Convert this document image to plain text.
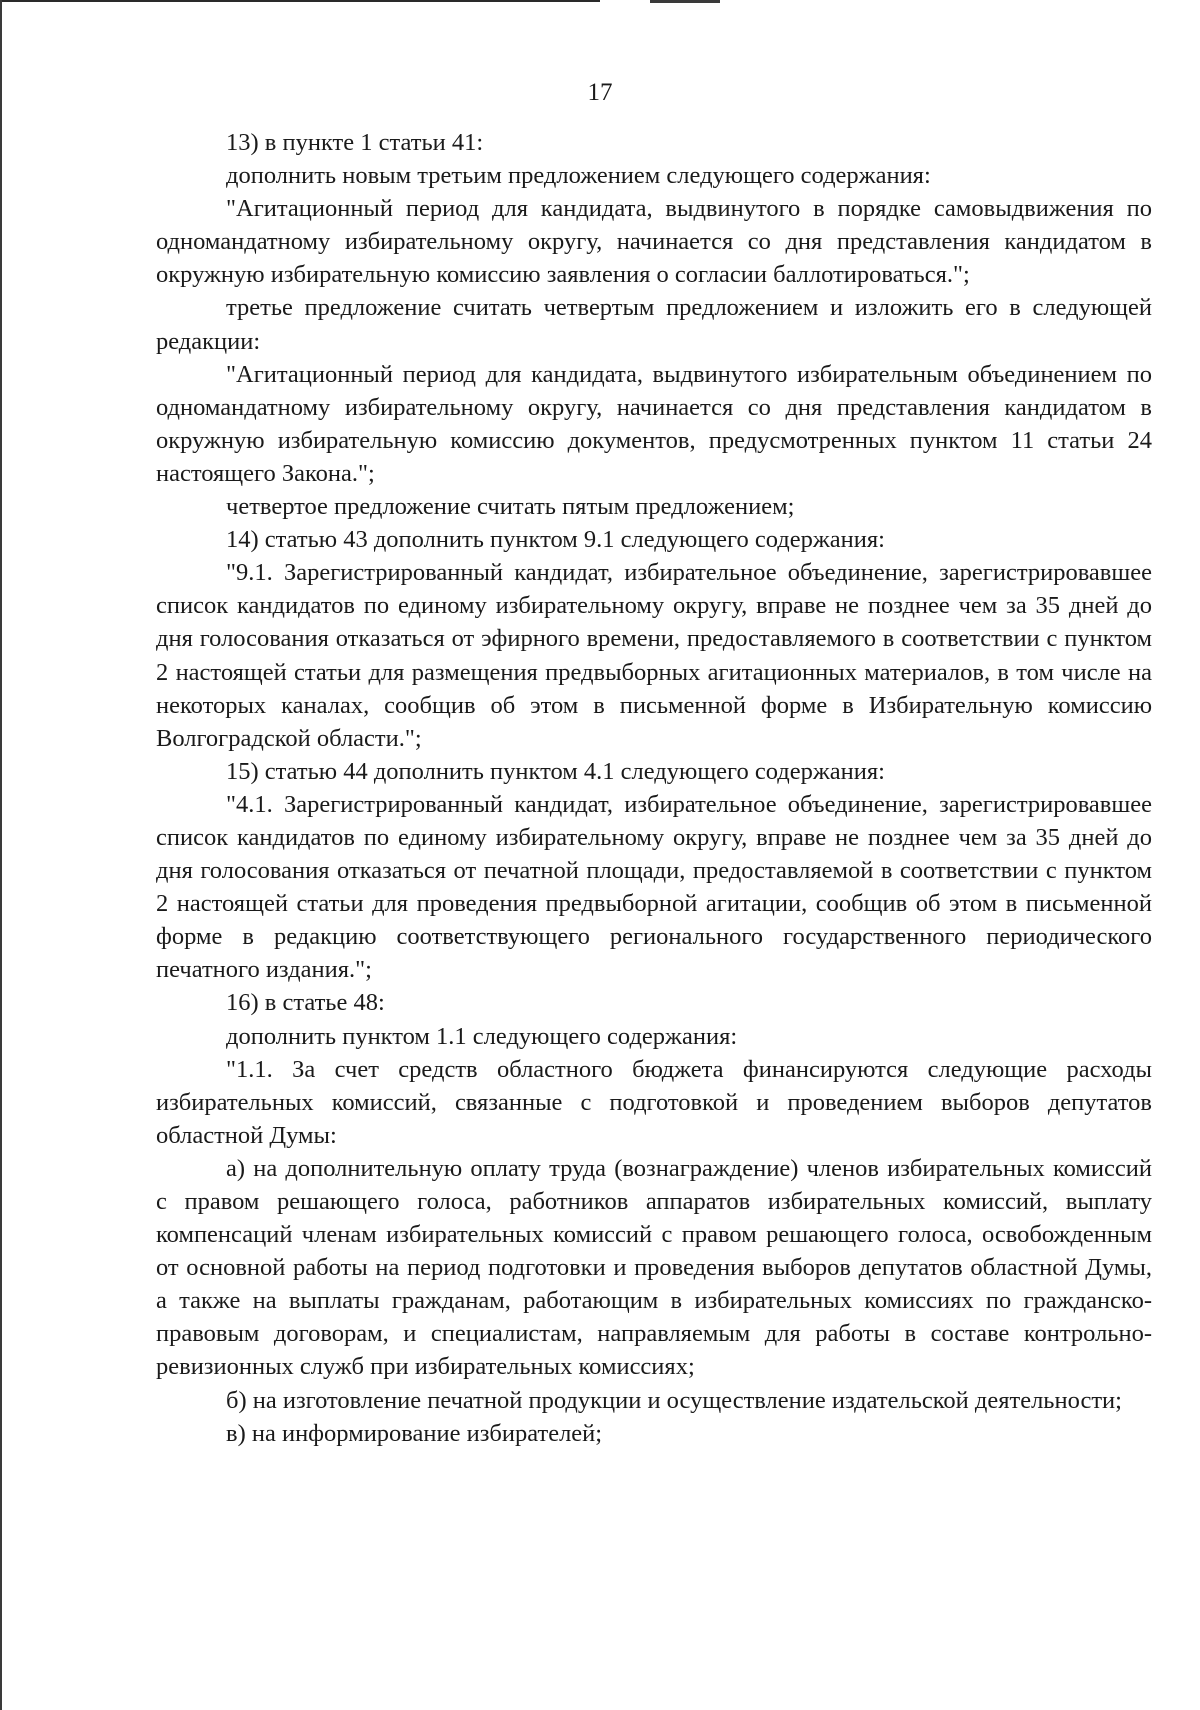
17

13) в пункте 1 статьи 41:

дополнить новым третьим предложением следующего содержания:

"Агитационный период для кандидата, выдвинутого в порядке самовыдвижения по одномандатному избирательному округу, начинается со дня представления кандидатом в окружную избирательную комиссию заявления о согласии баллотироваться.";

третье предложение считать четвертым предложением и изложить его в следующей редакции:

"Агитационный период для кандидата, выдвинутого избирательным объединением по одномандатному избирательному округу, начинается со дня представления кандидатом в окружную избирательную комиссию документов, предусмотренных пунктом 11 статьи 24 настоящего Закона.";

четвертое предложение считать пятым предложением;

14) статью 43 дополнить пунктом 9.1 следующего содержания:

"9.1. Зарегистрированный кандидат, избирательное объединение, зарегистрировавшее список кандидатов по единому избирательному округу, вправе не позднее чем за 35 дней до дня голосования отказаться от эфирного времени, предоставляемого в соответствии с пунктом 2 настоящей статьи для размещения предвыборных агитационных материалов, в том числе на некоторых каналах, сообщив об этом в письменной форме в Избирательную комиссию Волгоградской области.";

15) статью 44 дополнить пунктом 4.1 следующего содержания:

"4.1. Зарегистрированный кандидат, избирательное объединение, зарегистрировавшее список кандидатов по единому избирательному округу, вправе не позднее чем за 35 дней до дня голосования отказаться от печатной площади, предоставляемой в соответствии с пунктом 2 настоящей статьи для проведения предвыборной агитации, сообщив об этом в письменной форме в редакцию соответствующего регионального государственного периодического печатного издания.";

16) в статье 48:

дополнить пунктом 1.1 следующего содержания:

"1.1. За счет средств областного бюджета финансируются следующие расходы избирательных комиссий, связанные с подготовкой и проведением выборов депутатов областной Думы:

а) на дополнительную оплату труда (вознаграждение) членов избирательных комиссий с правом решающего голоса, работников аппаратов избирательных комиссий, выплату компенсаций членам избирательных комиссий с правом решающего голоса, освобожденным от основной работы на период подготовки и проведения выборов депутатов областной Думы, а также на выплаты гражданам, работающим в избирательных комиссиях по гражданско-правовым договорам, и специалистам, направляемым для работы в составе контрольно-ревизионных служб при избирательных комиссиях;

б) на изготовление печатной продукции и осуществление издательской деятельности;

в) на информирование избирателей;
